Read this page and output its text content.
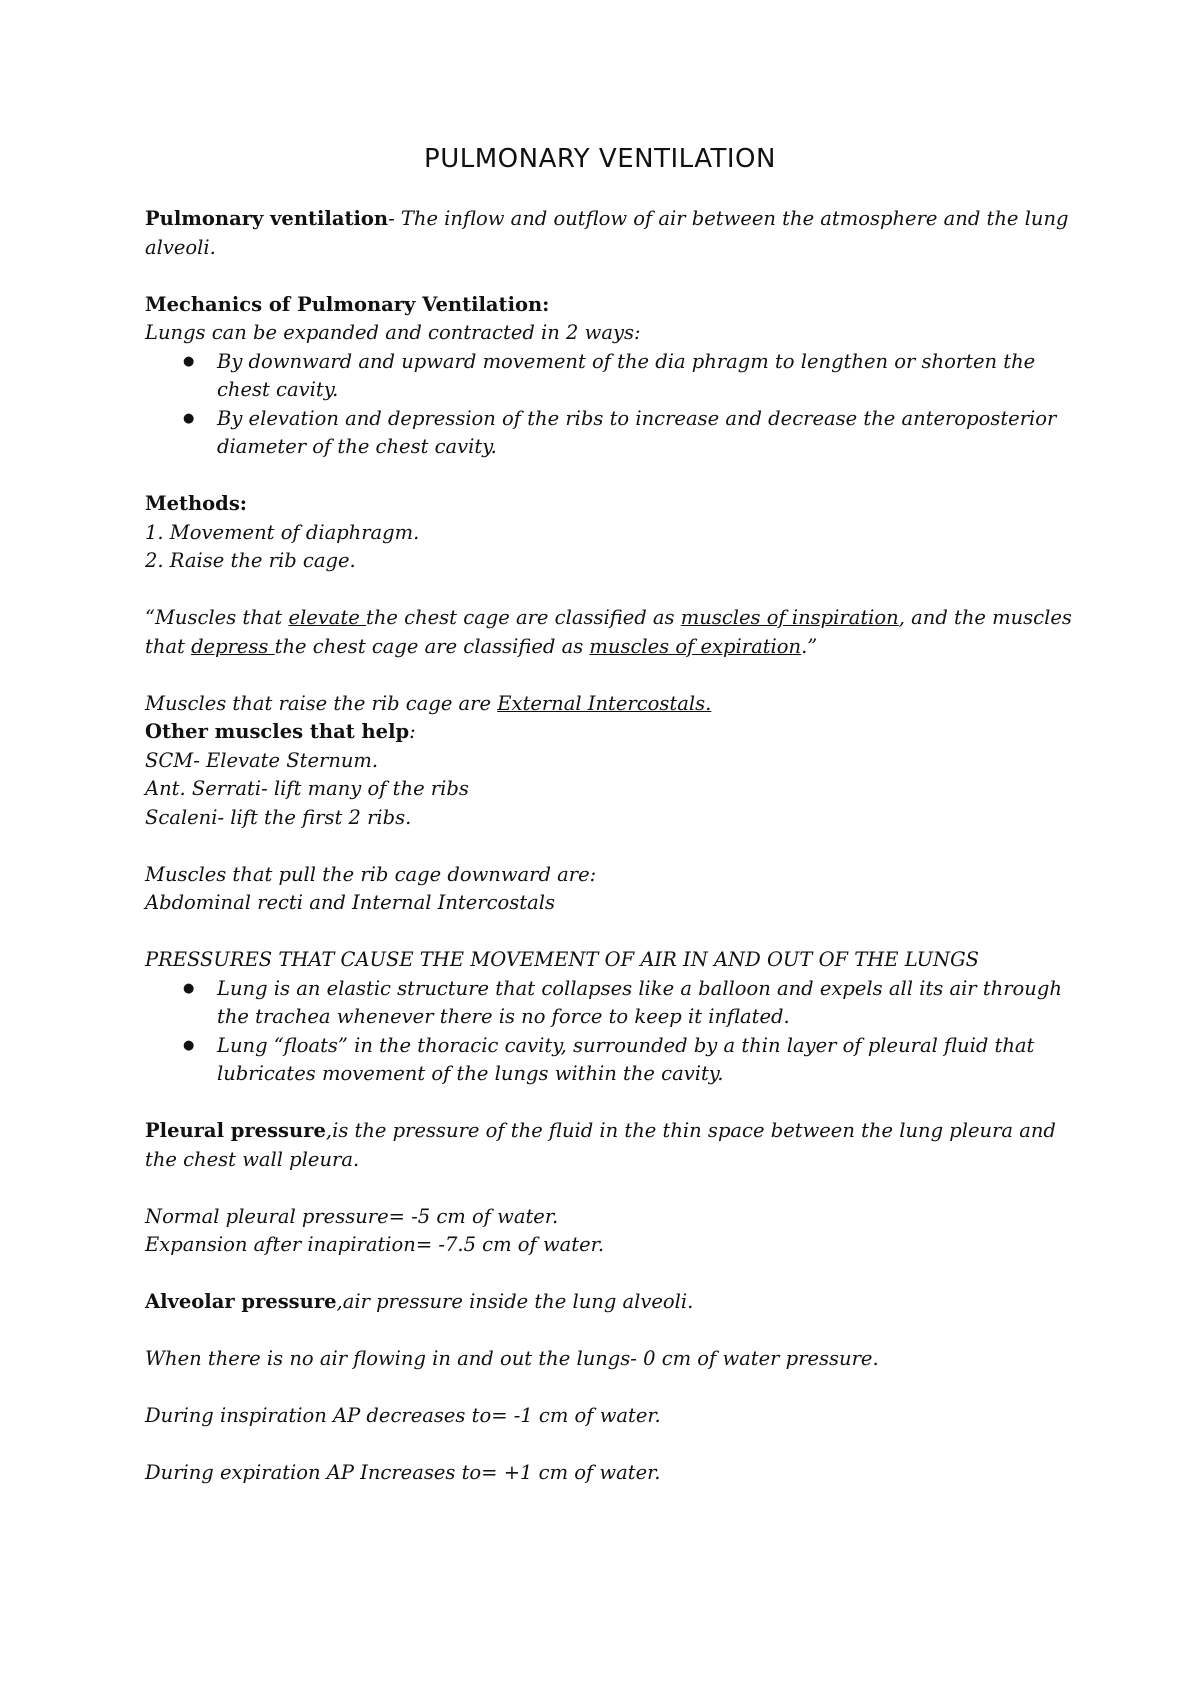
PULMONARY VENTILATION

Pulmonary ventilation- The inflow and outflow of air between the atmosphere and the lung alveoli.

Mechanics of Pulmonary Ventilation:

Lungs can be expanded and contracted in 2 ways:

● By downward and upward movement of the dia phragm to lengthen or shorten the chest cavity.
● By elevation and depression of the ribs to increase and decrease the anteroposterior diameter of the chest cavity.

Methods:

1. Movement of diaphragm.

2. Raise the rib cage.

“Muscles that elevate the chest cage are classified as muscles of inspiration, and the muscles that depress the chest cage are classified as muscles of expiration.”

Muscles that raise the rib cage are External Intercostals.

Other muscles that help:

SCM- Elevate Sternum.

Ant. Serrati- lift many of the ribs

Scaleni- lift the first 2 ribs.

Muscles that pull the rib cage downward are:

Abdominal recti and Internal Intercostals

PRESSURES THAT CAUSE THE MOVEMENT OF AIR IN AND OUT OF THE LUNGS

● Lung is an elastic structure that collapses like a balloon and expels all its air through the trachea whenever there is no force to keep it inflated.
● Lung “floats” in the thoracic cavity, surrounded by a thin layer of pleural fluid that lubricates movement of the lungs within the cavity.

Pleural pressure,is the pressure of the fluid in the thin space between the lung pleura and the chest wall pleura.

Normal pleural pressure= -5 cm of water.

Expansion after inapiration= -7.5 cm of water.

Alveolar pressure,air pressure inside the lung alveoli.

When there is no air flowing in and out the lungs- 0 cm of water pressure.

During inspiration AP decreases to= -1 cm of water.

During expiration AP Increases to= +1 cm of water.
